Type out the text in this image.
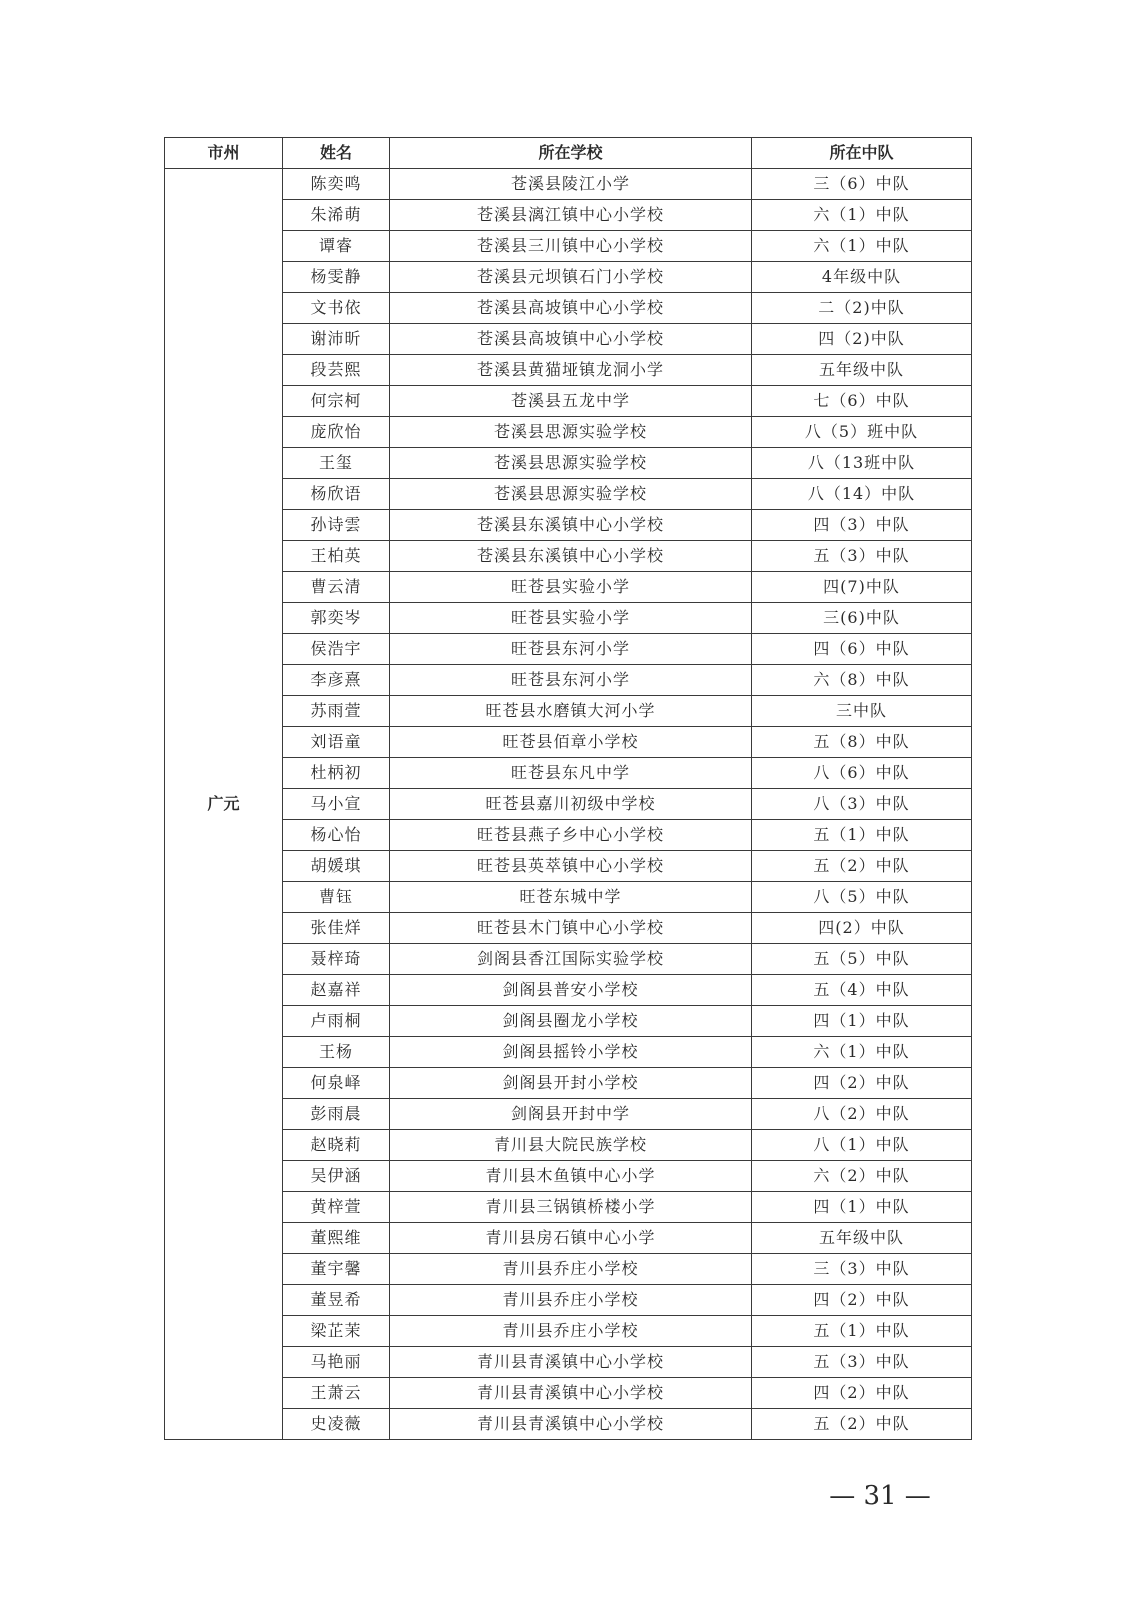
市州	姓名	所在学校	所在中队
广元	陈奕鸣	苍溪县陵江小学	三（6）中队
	朱浠萌	苍溪县漓江镇中心小学校	六（1）中队
	谭睿	苍溪县三川镇中心小学校	六（1）中队
	杨雯静	苍溪县元坝镇石门小学校	4年级中队
	文书依	苍溪县高坡镇中心小学校	二（2)中队
	谢沛昕	苍溪县高坡镇中心小学校	四（2)中队
	段芸熙	苍溪县黄猫垭镇龙洞小学	五年级中队
	何宗柯	苍溪县五龙中学	七（6）中队
	庞欣怡	苍溪县思源实验学校	八（5）班中队
	王玺	苍溪县思源实验学校	八（13班中队
	杨欣语	苍溪县思源实验学校	八（14）中队
	孙诗雲	苍溪县东溪镇中心小学校	四（3）中队
	王柏英	苍溪县东溪镇中心小学校	五（3）中队
	曹云清	旺苍县实验小学	四(7)中队
	郭奕岑	旺苍县实验小学	三(6)中队
	侯浩宇	旺苍县东河小学	四（6）中队
	李彦熹	旺苍县东河小学	六（8）中队
	苏雨萱	旺苍县水磨镇大河小学	三中队
	刘语童	旺苍县佰章小学校	五（8）中队
	杜柄初	旺苍县东凡中学	八（6）中队
	马小宣	旺苍县嘉川初级中学校	八（3）中队
	杨心怡	旺苍县燕子乡中心小学校	五（1）中队
	胡媛琪	旺苍县英萃镇中心小学校	五（2）中队
	曹钰	旺苍东城中学	八（5）中队
	张佳烊	旺苍县木门镇中心小学校	四(2）中队
	聂梓琦	剑阁县香江国际实验学校	五（5）中队
	赵嘉祥	剑阁县普安小学校	五（4）中队
	卢雨桐	剑阁县圈龙小学校	四（1）中队
	王杨	剑阁县摇铃小学校	六（1）中队
	何泉峄	剑阁县开封小学校	四（2）中队
	彭雨晨	剑阁县开封中学	八（2）中队
	赵晓莉	青川县大院民族学校	八（1）中队
	吴伊涵	青川县木鱼镇中心小学	六（2）中队
	黄梓萱	青川县三锅镇桥楼小学	四（1）中队
	董熙维	青川县房石镇中心小学	五年级中队
	董宇馨	青川县乔庄小学校	三（3）中队
	董昱希	青川县乔庄小学校	四（2）中队
	梁芷茉	青川县乔庄小学校	五（1）中队
	马艳丽	青川县青溪镇中心小学校	五（3）中队
	王萧云	青川县青溪镇中心小学校	四（2）中队
	史凌薇	青川县青溪镇中心小学校	五（2）中队
— 31 —
